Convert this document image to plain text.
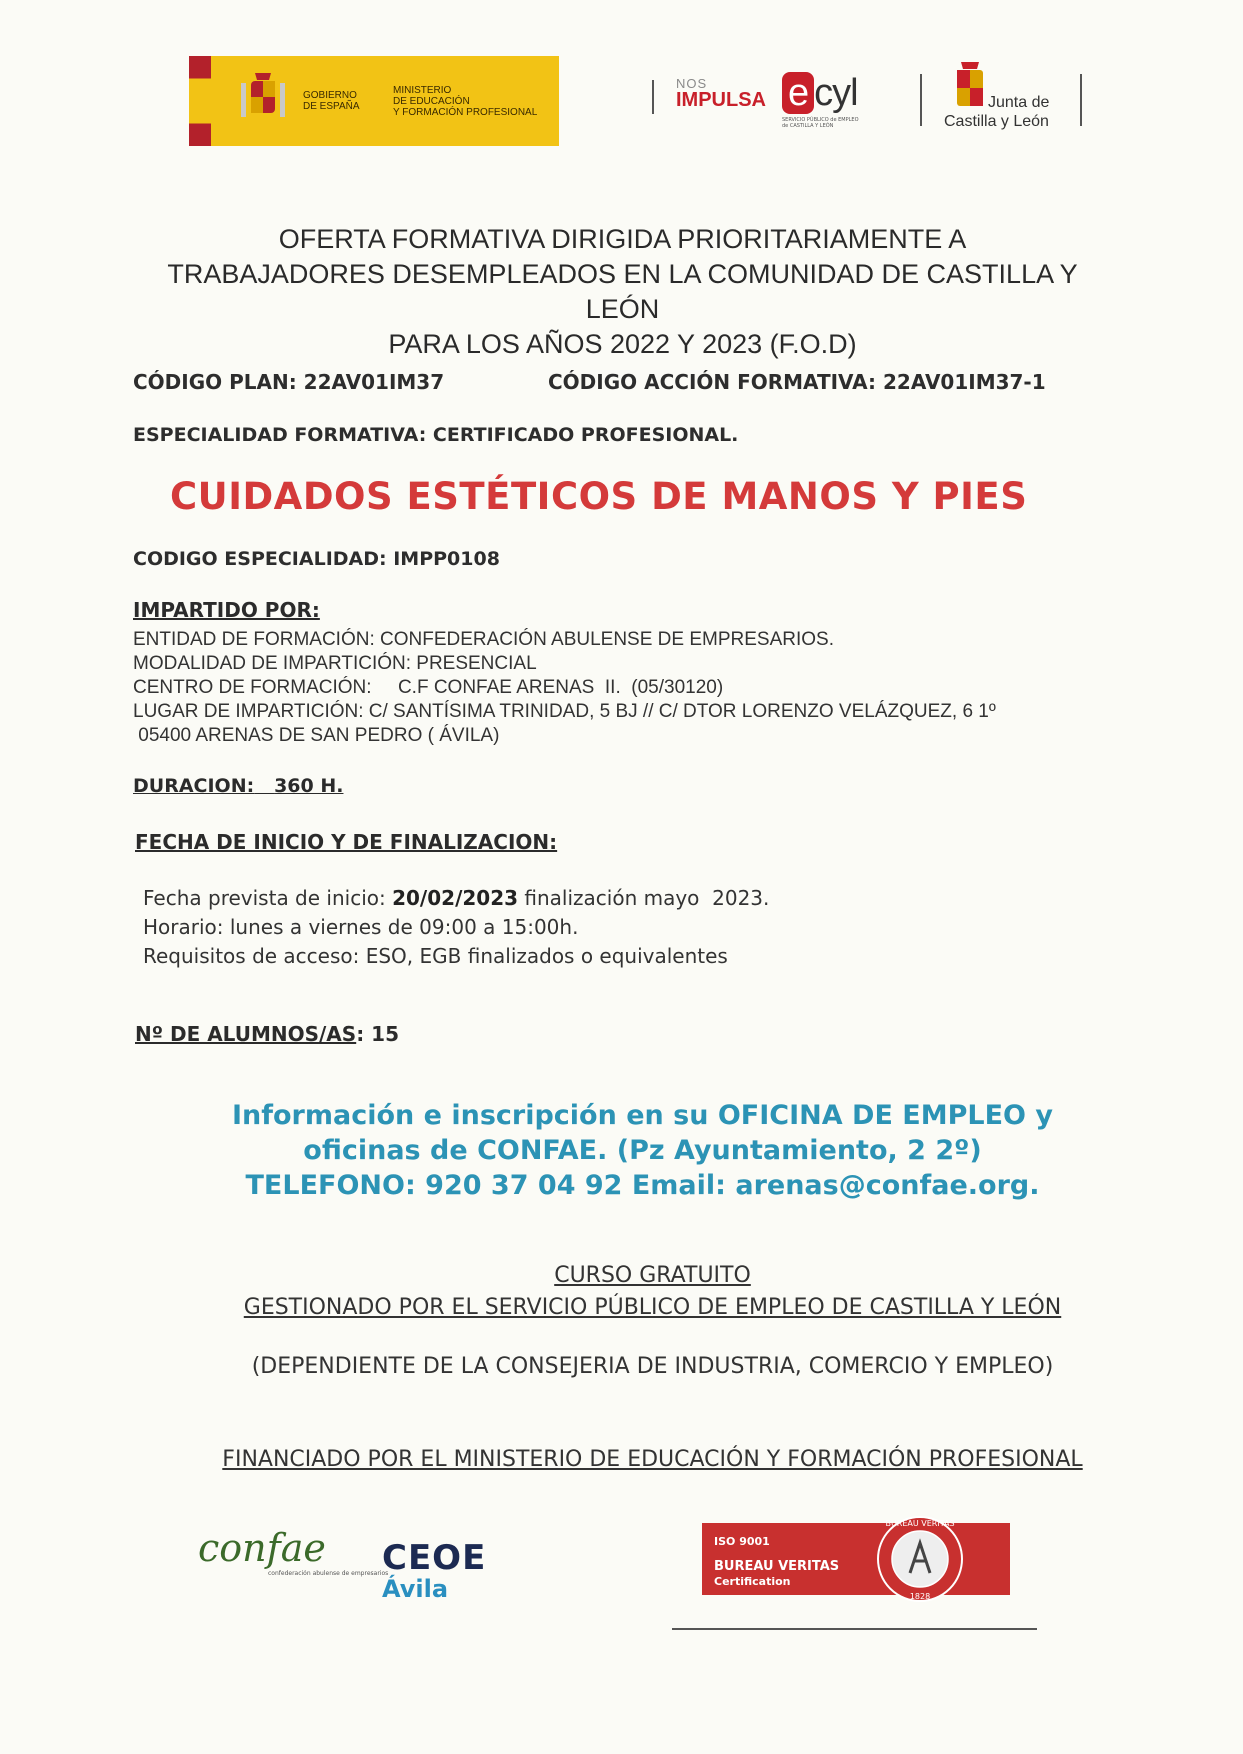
GOBIERNO
DE ESPAÑA
MINISTERIO
DE EDUCACIÓN
Y FORMACIÓN PROFESIONAL
NOS
IMPULSA e cyl
SERVICIO PÚBLICO de EMPLEO de CASTILLA Y LEÓN
Junta de
Castilla y León
OFERTA FORMATIVA DIRIGIDA PRIORITARIAMENTE A
TRABAJADORES DESEMPLEADOS EN LA COMUNIDAD DE CASTILLA Y
LEÓN
PARA LOS AÑOS 2022 Y 2023 (F.O.D)
CÓDIGO PLAN: 22AV01IM37	CÓDIGO ACCIÓN FORMATIVA: 22AV01IM37-1
ESPECIALIDAD FORMATIVA: CERTIFICADO PROFESIONAL.
CUIDADOS ESTÉTICOS DE MANOS Y PIES
CODIGO ESPECIALIDAD: IMPP0108
IMPARTIDO POR:
ENTIDAD DE FORMACIÓN: CONFEDERACIÓN ABULENSE DE EMPRESARIOS.
MODALIDAD DE IMPARTICIÓN: PRESENCIAL
CENTRO DE FORMACIÓN:     C.F CONFAE ARENAS  II.  (05/30120)
LUGAR DE IMPARTICIÓN: C/ SANTÍSIMA TRINIDAD, 5 BJ // C/ DTOR LORENZO VELÁZQUEZ, 6 1º
05400 ARENAS DE SAN PEDRO ( ÁVILA)
DURACION: 360 H.
FECHA DE INICIO Y DE FINALIZACION:
Fecha prevista de inicio: 20/02/2023 finalización mayo  2023.
Horario: lunes a viernes de 09:00 a 15:00h.
Requisitos de acceso: ESO, EGB finalizados o equivalentes
Nº DE ALUMNOS/AS: 15
Información e inscripción en su OFICINA DE EMPLEO y
oficinas de CONFAE. (Pz Ayuntamiento, 2 2º)
TELEFONO: 920 37 04 92 Email: arenas@confae.org.
CURSO GRATUITO
GESTIONADO POR EL SERVICIO PÚBLICO DE EMPLEO DE CASTILLA Y LEÓN
(DEPENDIENTE DE LA CONSEJERIA DE INDUSTRIA, COMERCIO Y EMPLEO)
FINANCIADO POR EL MINISTERIO DE EDUCACIÓN Y FORMACIÓN PROFESIONAL
confae
confederación abulense de empresarios
CEOE
Ávila
ISO 9001
BUREAU VERITAS
Certification
BUREAU VERITAS
1828
